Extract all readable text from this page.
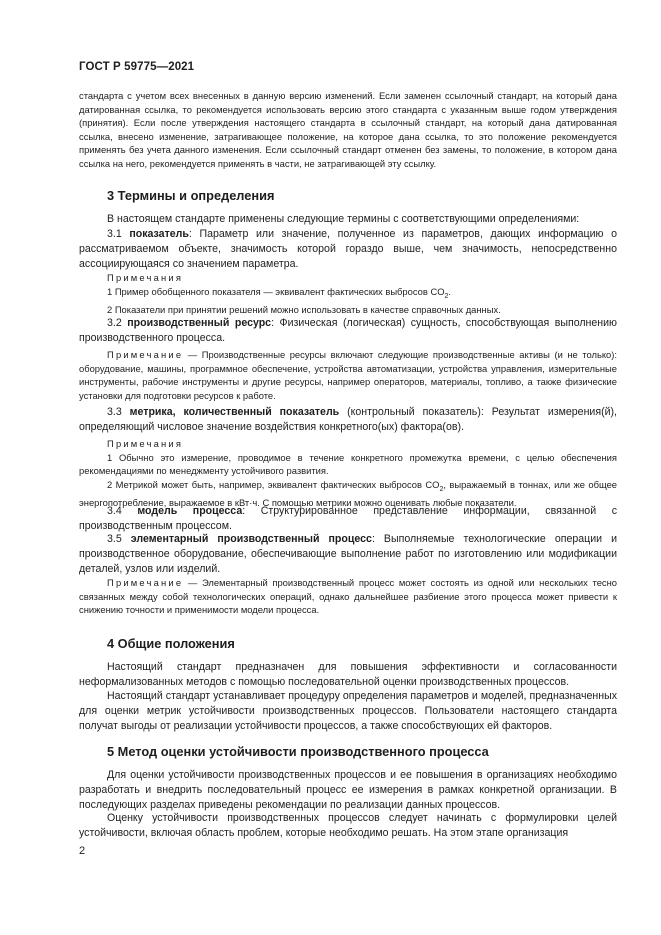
ГОСТ Р 59775—2021

стандарта с учетом всех внесенных в данную версию изменений. Если заменен ссылочный стандарт, на который дана датированная ссылка, то рекомендуется использовать версию этого стандарта с указанным выше годом утверждения (принятия). Если после утверждения настоящего стандарта в ссылочный стандарт, на который дана датированная ссылка, внесено изменение, затрагивающее положение, на которое дана ссылка, то это положение рекомендуется применять без учета данного изменения. Если ссылочный стандарт отменен без замены, то положение, в котором дана ссылка на него, рекомендуется применять в части, не затрагивающей эту ссылку.

3 Термины и определения

В настоящем стандарте применены следующие термины с соответствующими определениями:

3.1 показатель: Параметр или значение, полученное из параметров, дающих информацию о рассматриваемом объекте, значимость которой гораздо выше, чем значимость, непосредственно ассоциирующаяся со значением параметра.

Примечания

1 Пример обобщенного показателя — эквивалент фактических выбросов $CO_2$.

2 Показатели при принятии решений можно использовать в качестве справочных данных.

3.2 производственный ресурс: Физическая (логическая) сущность, способствующая выполнению производственного процесса.

Примечание — Производственные ресурсы включают следующие производственные активы (и не только): оборудование, машины, программное обеспечение, устройства автоматизации, устройства управления, измерительные инструменты, рабочие инструменты и другие ресурсы, например операторов, материалы, топливо, а также физические установки для подготовки ресурсов к работе.

3.3 метрика, количественный показатель (контрольный показатель): Результат измерения(й), определяющий числовое значение воздействия конкретного(ых) фактора(ов).

Примечания

1 Обычно это измерение, проводимое в течение конкретного промежутка времени, с целью обеспечения рекомендациями по менеджменту устойчивого развития.

2 Метрикой может быть, например, эквивалент фактических выбросов $CO_2$, выражаемый в тоннах, или же общее энергопотребление, выражаемое в кВт·ч. С помощью метрики можно оценивать любые показатели.

3.4 модель процесса: Структурированное представление информации, связанной с производственным процессом.

3.5 элементарный производственный процесс: Выполняемые технологические операции и производственное оборудование, обеспечивающие выполнение работ по изготовлению или модификации деталей, узлов или изделий.

Примечание — Элементарный производственный процесс может состоять из одной или нескольких тесно связанных между собой технологических операций, однако дальнейшее разбиение этого процесса может привести к снижению точности и применимости модели процесса.

4 Общие положения

Настоящий стандарт предназначен для повышения эффективности и согласованности неформализованных методов с помощью последовательной оценки производственных процессов.

Настоящий стандарт устанавливает процедуру определения параметров и моделей, предназначенных для оценки метрик устойчивости производственных процессов. Пользователи настоящего стандарта получат выгоды от реализации устойчивости процессов, а также способствующих ей факторов.

5 Метод оценки устойчивости производственного процесса

Для оценки устойчивости производственных процессов и ее повышения в организациях необходимо разработать и внедрить последовательный процесс ее измерения в рамках конкретной организации. В последующих разделах приведены рекомендации по реализации данных процессов.

Оценку устойчивости производственных процессов следует начинать с формулировки целей устойчивости, включая область проблем, которые необходимо решать. На этом этапе организация

2
